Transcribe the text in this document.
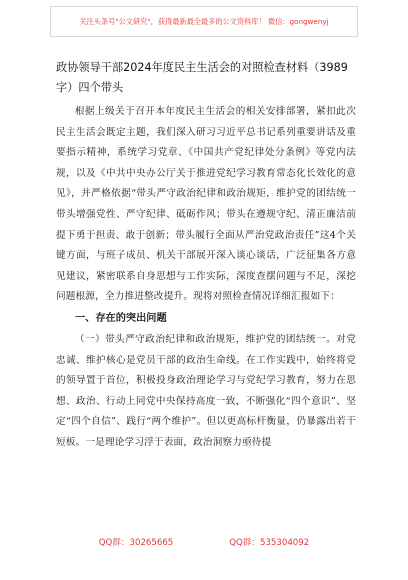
关注头条号"公文研究"，获得最新最全最多的公文资料库！ 微信：gongwenyj

政协领导干部2024年度民主生活会的对照检查材料（3989字）四个带头

根据上级关于召开本年度民主生活会的相关安排部署，紧扣此次民主生活会既定主题，我们深入研习习近平总书记系列重要讲话及重要指示精神，系统学习党章、《中国共产党纪律处分条例》等党内法规，以及《中共中央办公厅关于推进党纪学习教育常态化长效化的意见》，并严格依据“带头严守政治纪律和政治规矩，维护党的团结统一带头增强党性、严守纪律、砥砺作风；带头在遵规守纪、清正廉洁前提下勇于担责、敢于创新；带头履行全面从严治党政治责任”这4个关键方面，与班子成员、机关干部展开深入谈心谈话，广泛征集各方意见建议，紧密联系自身思想与工作实际，深度查摆问题与不足，深挖问题根源，全力推进整改提升。现将对照检查情况详细汇报如下：

一、存在的突出问题

（一）带头严守政治纪律和政治规矩，维护党的团结统一。对党忠诚、维护核心是党员干部的政治生命线。在工作实践中，始终将党的领导置于首位，积极投身政治理论学习与党纪学习教育，努力在思想、政治、行动上同党中央保持高度一致，不断强化“四个意识”、坚定“四个自信”、践行“两个维护”。但以更高标杆衡量，仍暴露出若干短板。一是理论学习浮于表面，政治洞察力亟待提

QQ群：30265665	QQ群：535304092
